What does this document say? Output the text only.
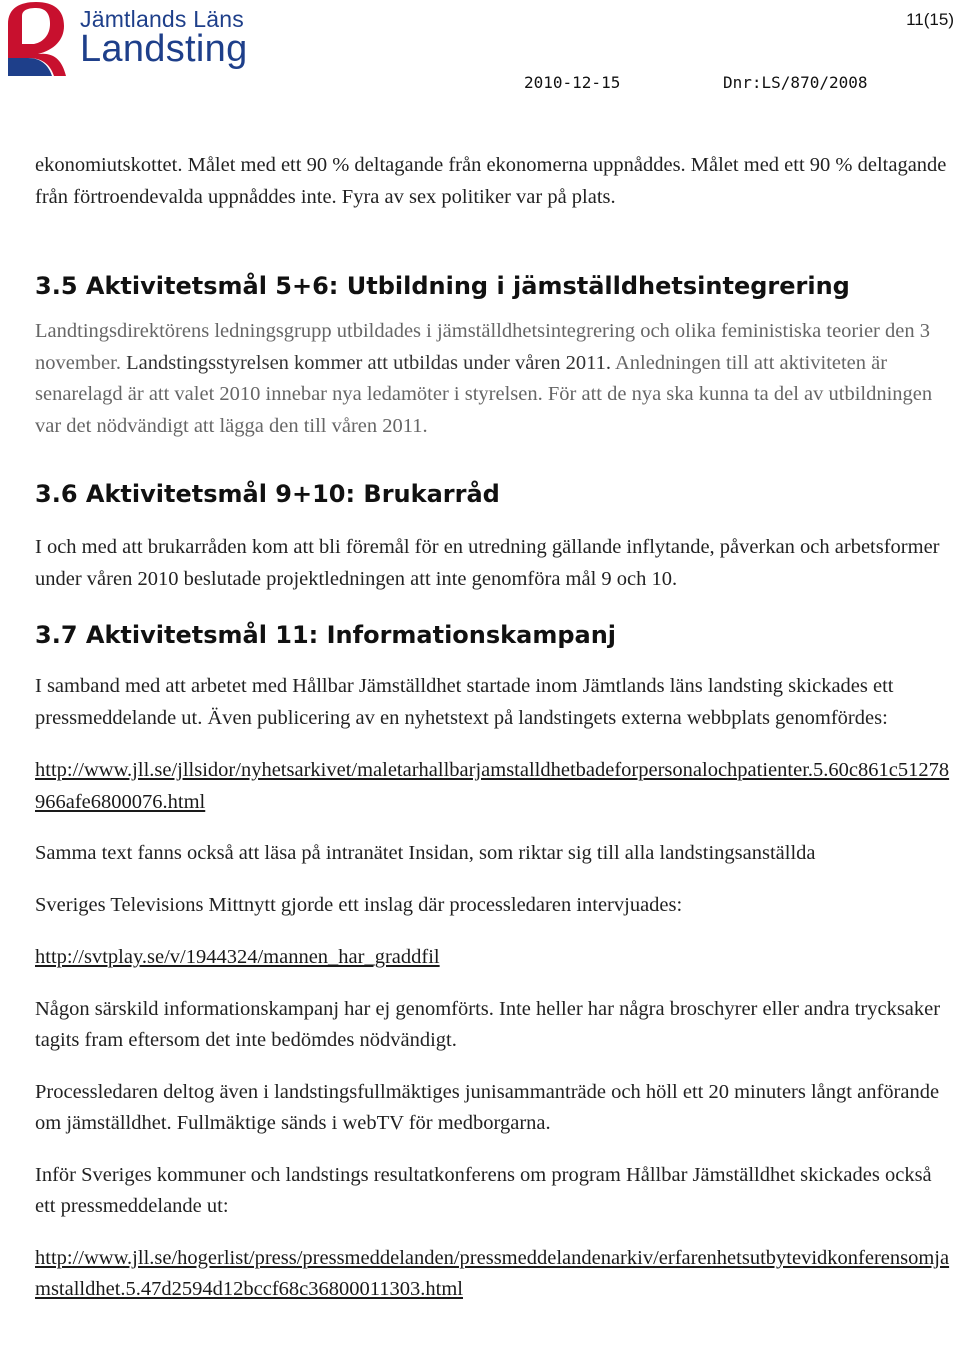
Jämtlands Läns
Landsting
11(15)
2010-12-15	Dnr:LS/870/2008

ekonomiutskottet. Målet med ett 90 % deltagande från ekonomerna uppnåddes. Målet med ett 90 % deltagande från förtroendevalda uppnåddes inte. Fyra av sex politiker var på plats.

3.5 Aktivitetsmål 5+6: Utbildning i jämställdhetsintegrering

Landtingsdirektörens ledningsgrupp utbildades i jämställdhetsintegrering och olika feministiska teorier den 3 november. Landstingsstyrelsen kommer att utbildas under våren 2011. Anledningen till att aktiviteten är senarelagd är att valet 2010 innebar nya ledamöter i styrelsen. För att de nya ska kunna ta del av utbildningen var det nödvändigt att lägga den till våren 2011.

3.6 Aktivitetsmål 9+10: Brukarråd

I och med att brukarråden kom att bli föremål för en utredning gällande inflytande, påverkan och arbetsformer under våren 2010 beslutade projektledningen att inte genomföra mål 9 och 10.

3.7 Aktivitetsmål 11: Informationskampanj

I samband med att arbetet med Hållbar Jämställdhet startade inom Jämtlands läns landsting skickades ett pressmeddelande ut. Även publicering av en nyhetstext på landstingets externa webbplats genomfördes:

http://www.jll.se/jllsidor/nyhetsarkivet/maletarhallbarjamstalldhetbadeforpersonalochpatienter.5.60c861c51278966afe6800076.html

Samma text fanns också att läsa på intranätet Insidan, som riktar sig till alla landstingsanställda

Sveriges Televisions Mittnytt gjorde ett inslag där processledaren intervjuades:

http://svtplay.se/v/1944324/mannen_har_graddfil

Någon särskild informationskampanj har ej genomförts. Inte heller har några broschyrer eller andra trycksaker tagits fram eftersom det inte bedömdes nödvändigt.

Processledaren deltog även i landstingsfullmäktiges junisammanträde och höll ett 20 minuters långt anförande om jämställdhet. Fullmäktige sänds i webTV för medborgarna.

Inför Sveriges kommuner och landstings resultatkonferens om program Hållbar Jämställdhet skickades också ett pressmeddelande ut:

http://www.jll.se/hogerlist/press/pressmeddelanden/pressmeddelandenarkiv/erfarenhetsutbytevidkonferensomjamstalldhet.5.47d2594d12bccf68c36800011303.html
